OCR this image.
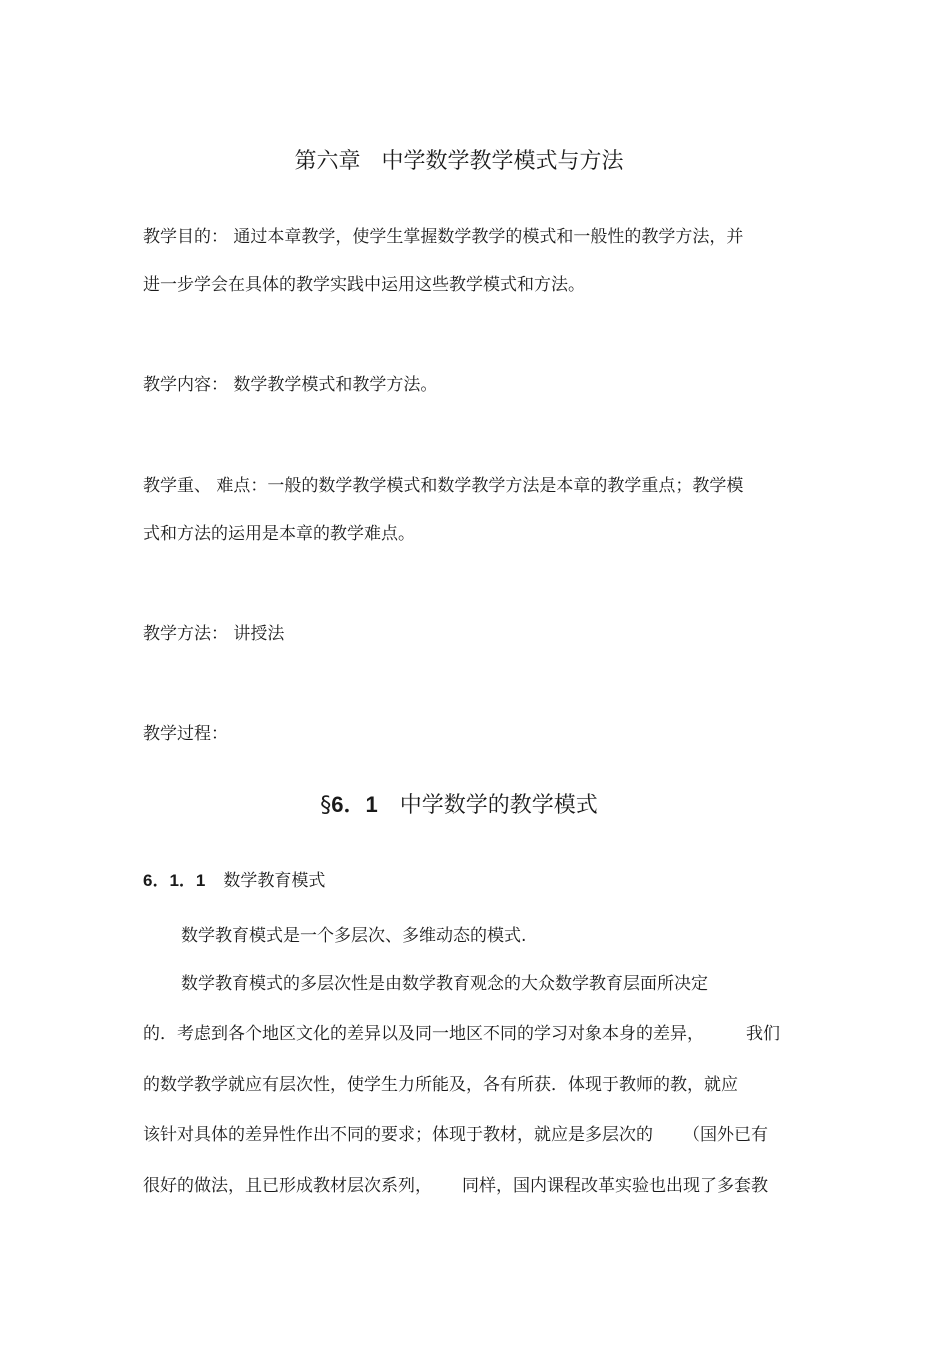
第六章   中学数学教学模式与方法
教学目的： 通过本章教学，使学生掌握数学教学的模式和一般性的教学方法，并
进一步学会在具体的教学实践中运用这些教学模式和方法。
教学内容： 数学教学模式和教学方法。
教学重、 难点：一般的数学教学模式和数学教学方法是本章的教学重点；教学模
式和方法的运用是本章的教学难点。
教学方法： 讲授法
教学过程：
§6．1 中学数学的教学模式
6．1．1 数学教育模式
数学教育模式是一个多层次、多维动态的模式.
数学教育模式的多层次性是由数学教育观念的大众数学教育层面所决定
的．考虑到各个地区文化的差异以及同一地区不同的学习对象本身的差异， 我们
的数学教学就应有层次性，使学生力所能及，各有所获．体现于教师的教，就应
该针对具体的差异性作出不同的要求；体现于教材，就应是多层次的 （国外已有
很好的做法，且已形成教材层次系列， 同样，国内课程改革实验也出现了多套教
